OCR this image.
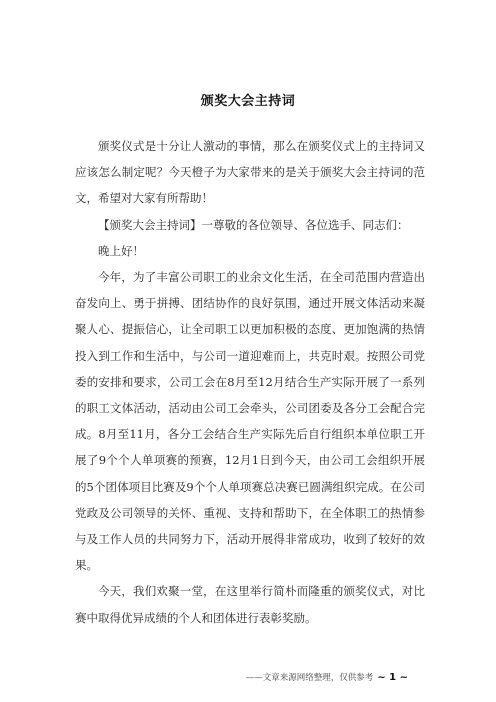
颁奖大会主持词

颁奖仪式是十分让人激动的事情，那么在颁奖仪式上的主持词又应该怎么制定呢？今天橙子为大家带来的是关于颁奖大会主持词的范文，希望对大家有所帮助！

【颁奖大会主持词】一尊敬的各位领导、各位选手、同志们：

晚上好！

今年，为了丰富公司职工的业余文化生活，在全司范围内营造出奋发向上、勇于拼搏、团结协作的良好氛围，通过开展文体活动来凝聚人心、提振信心，让全司职工以更加积极的态度、更加饱满的热情投入到工作和生活中，与公司一道迎难而上，共克时艰。按照公司党委的安排和要求，公司工会在8月至12月结合生产实际开展了一系列的职工文体活动，活动由公司工会牵头，公司团委及各分工会配合完成。8月至11月，各分工会结合生产实际先后自行组织本单位职工开展了9个个人单项赛的预赛，12月1日到今天，由公司工会组织开展的5个团体项目比赛及9个个人单项赛总决赛已圆满组织完成。在公司党政及公司领导的关怀、重视、支持和帮助下，在全体职工的热情参与及工作人员的共同努力下，活动开展得非常成功，收到了较好的效果。

今天，我们欢聚一堂，在这里举行简朴而隆重的颁奖仪式，对比赛中取得优异成绩的个人和团体进行表彰奖励。

——文章来源网络整理，仅供参考 ~ 1 ~
